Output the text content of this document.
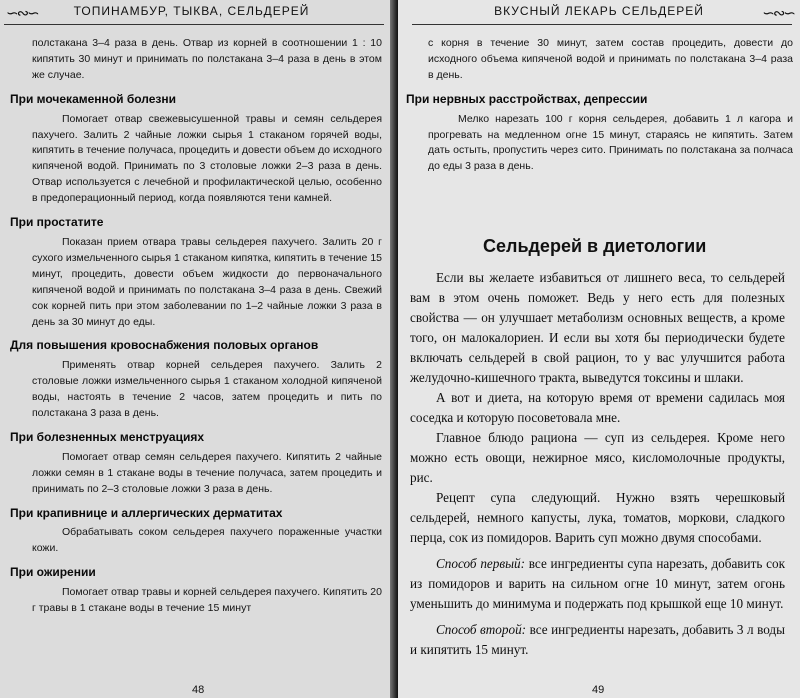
∽∾∽	ТОПИНАМБУР, ТЫКВА, СЕЛЬДЕРЕЙ

полстакана 3–4 раза в день. Отвар из корней в соотношении 1 : 10 кипятить 30 минут и принимать по полстакана 3–4 раза в день в этом же случае.

При мочекаменной болезни

Помогает отвар свежевысушенной травы и семян сельдерея пахучего. Залить 2 чайные ложки сырья 1 стаканом горячей воды, кипятить в течение получаса, процедить и довести объем до исходного кипяченой водой. Принимать по 3 столовые ложки 2–3 раза в день. Отвар используется с лечебной и профилактической целью, особенно в предоперационный период, когда появляются тени камней.

При простатите

Показан прием отвара травы сельдерея пахучего. Залить 20 г сухого измельченного сырья 1 стаканом кипятка, кипятить в течение 15 минут, процедить, довести объем жидкости до первоначального кипяченой водой и принимать по полстакана 3–4 раза в день. Свежий сок корней пить при этом заболевании по 1–2 чайные ложки 3 раза в день за 30 минут до еды.

Для повышения кровоснабжения половых органов

Применять отвар корней сельдерея пахучего. Залить 2 столовые ложки измельченного сырья 1 стаканом холодной кипяченой воды, настоять в течение 2 часов, затем процедить и пить по полстакана 3 раза в день.

При болезненных менструациях

Помогает отвар семян сельдерея пахучего. Кипятить 2 чайные ложки семян в 1 стакане воды в течение получаса, затем процедить и принимать по 2–3 столовые ложки 3 раза в день.

При крапивнице и аллергических дерматитах

Обрабатывать соком сельдерея пахучего пораженные участки кожи.

При ожирении

Помогает отвар травы и корней сельдерея пахучего. Кипятить 20 г травы в 1 стакане воды в течение 15 минут

48
ВКУСНЫЙ ЛЕКАРЬ СЕЛЬДЕРЕЙ	∽∾∽

с корня в течение 30 минут, затем состав процедить, довести до исходного объема кипяченой водой и принимать по полстакана 3–4 раза в день.

При нервных расстройствах, депрессии

Мелко нарезать 100 г корня сельдерея, добавить 1 л кагора и прогревать на медленном огне 15 минут, стараясь не кипятить. Затем дать остыть, пропустить через сито. Принимать по полстакана за полчаса до еды 3 раза в день.

Сельдерей в диетологии

Если вы желаете избавиться от лишнего веса, то сельдерей вам в этом очень поможет. Ведь у него есть для полезных свойства — он улучшает метаболизм основных веществ, а кроме того, он малокалориен. И если вы хотя бы периодически будете включать сельдерей в свой рацион, то у вас улучшится работа желудочно-кишечного тракта, выведутся токсины и шлаки.

А вот и диета, на которую время от времени садилась моя соседка и которую посоветовала мне.

Главное блюдо рациона — суп из сельдерея. Кроме него можно есть овощи, нежирное мясо, кисломолочные продукты, рис.

Рецепт супа следующий. Нужно взять черешковый сельдерей, немного капусты, лука, томатов, моркови, сладкого перца, сок из помидоров. Варить суп можно двумя способами.

Способ первый: все ингредиенты супа нарезать, добавить сок из помидоров и варить на сильном огне 10 минут, затем огонь уменьшить до минимума и подержать под крышкой еще 10 минут.

Способ второй: все ингредиенты нарезать, добавить 3 л воды и кипятить 15 минут.

49
